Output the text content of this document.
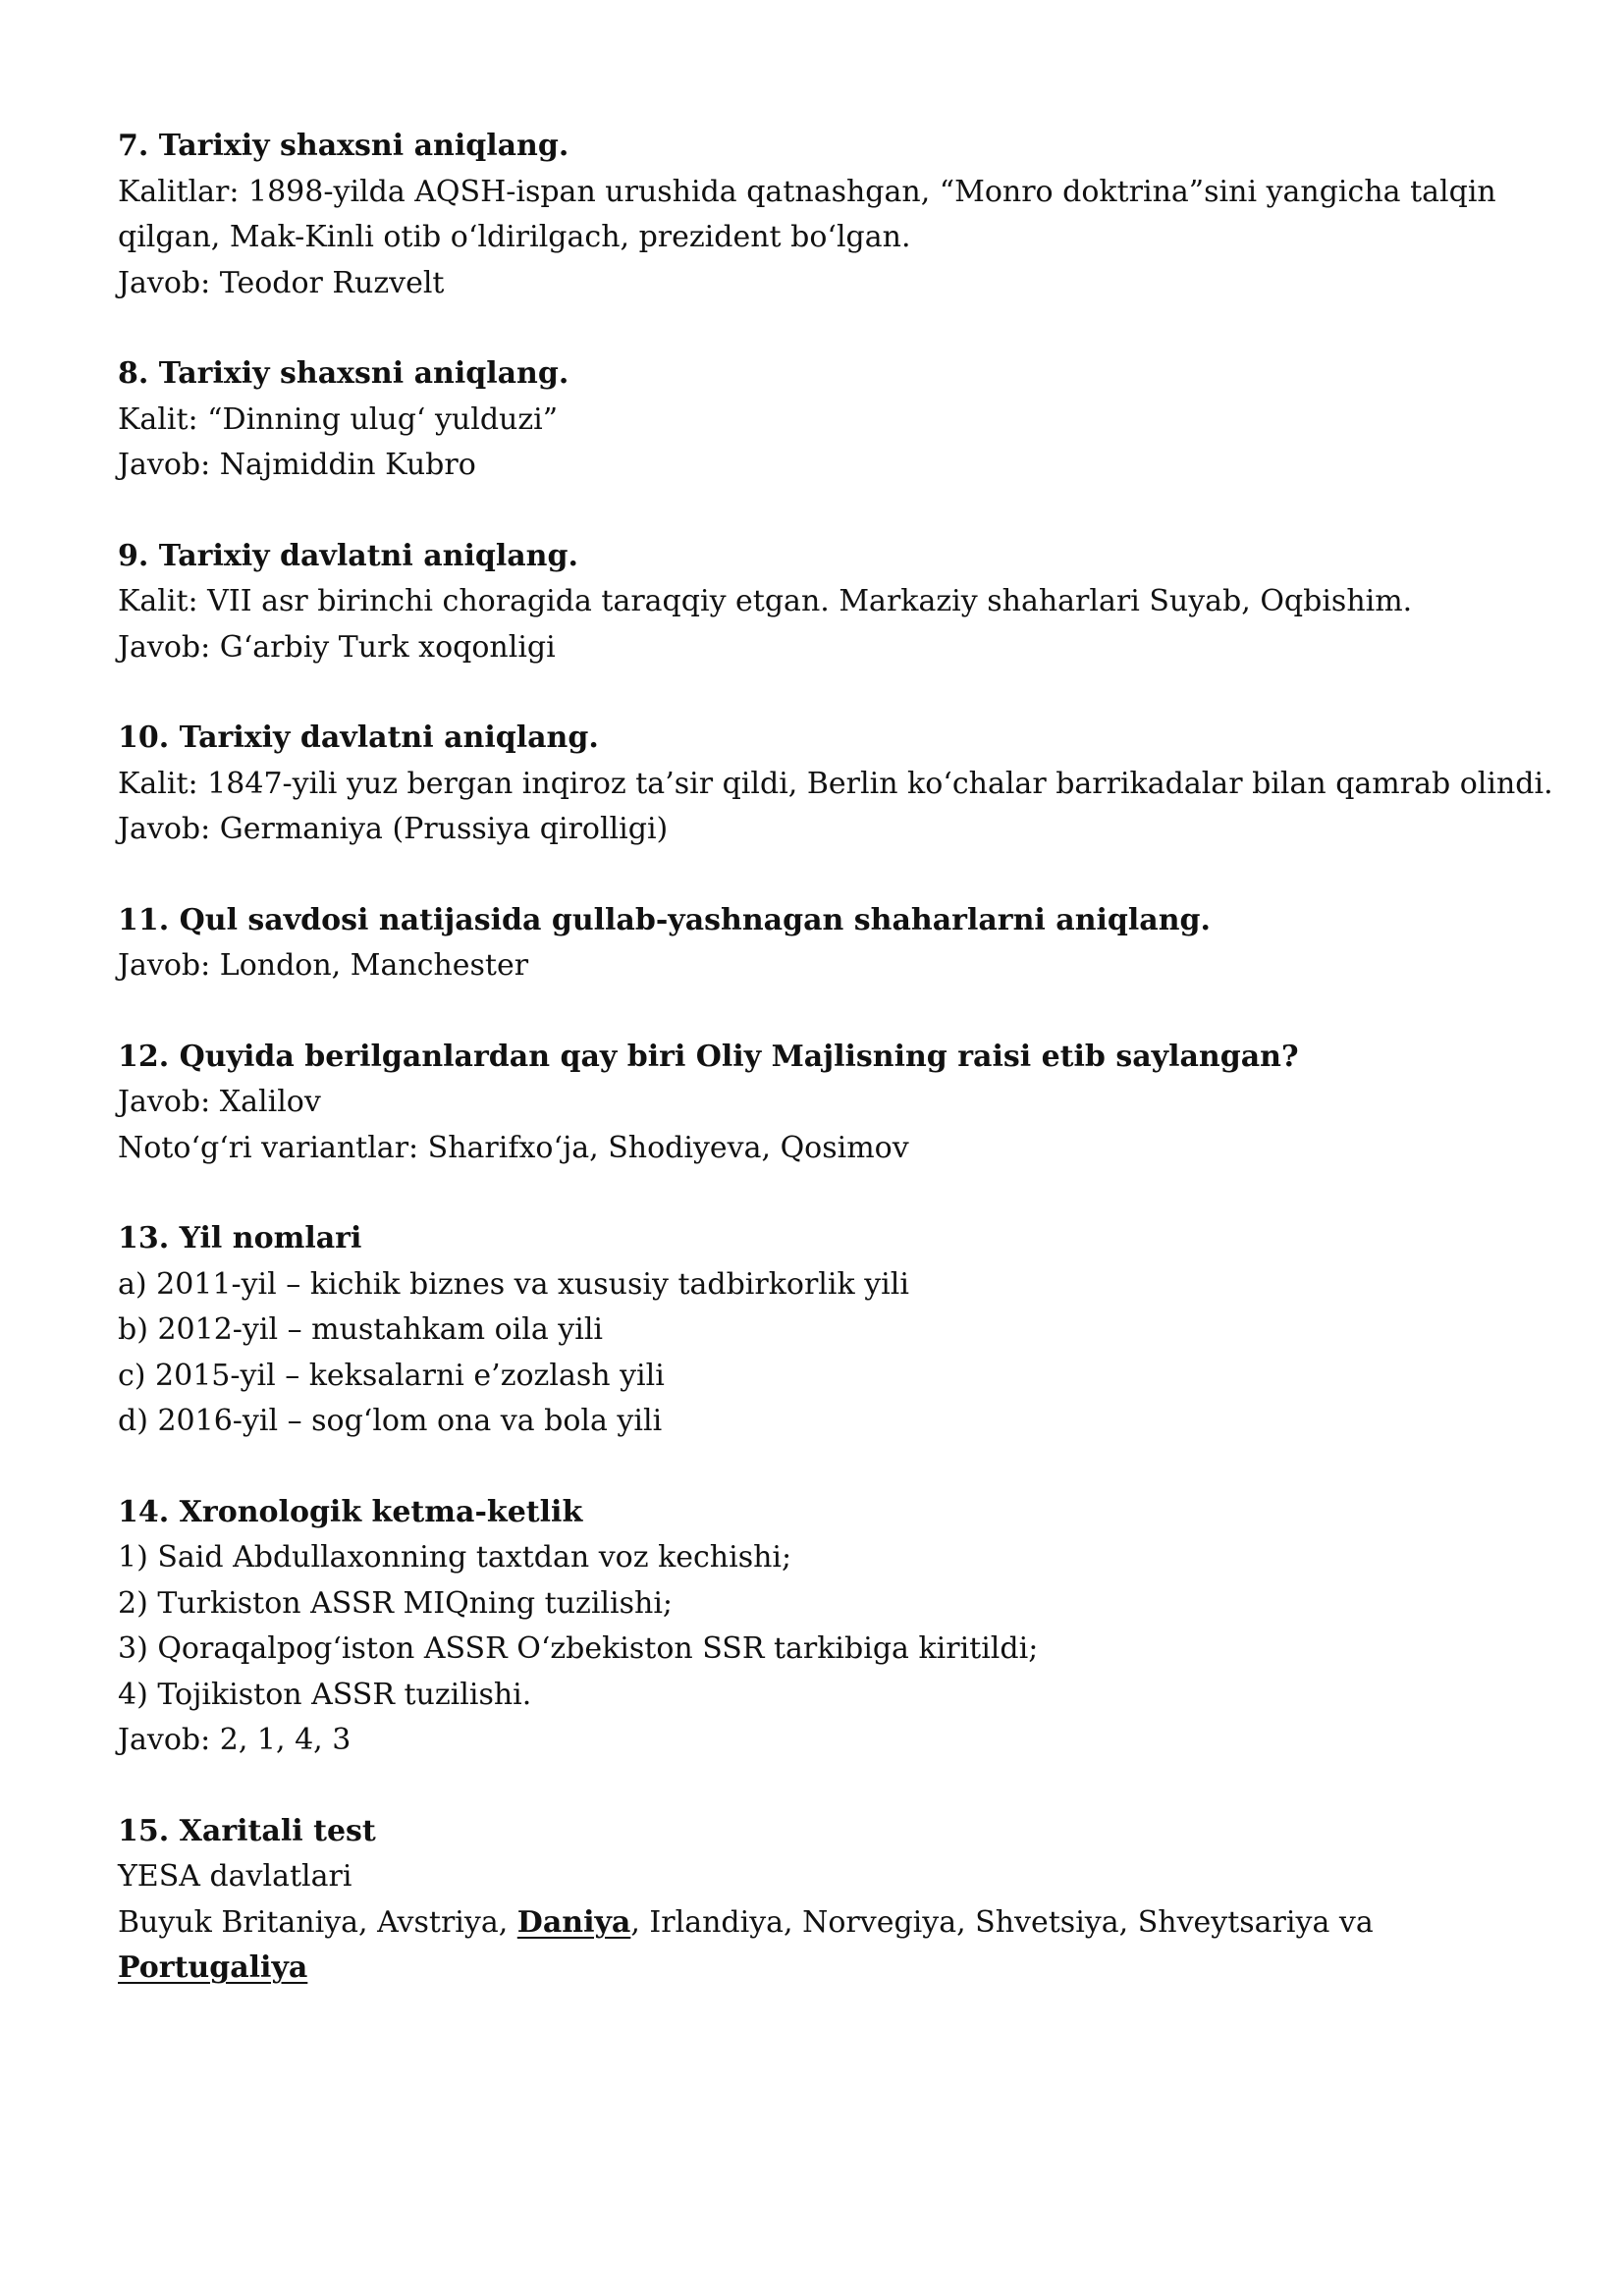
7. Tarixiy shaxsni aniqlang.

Kalitlar: 1898-yilda AQSH-ispan urushida qatnashgan, “Monro doktrina”sini yangicha talqin

qilgan, Mak-Kinli otib o‘ldirilgach, prezident bo‘lgan.

Javob: Teodor Ruzvelt

8. Tarixiy shaxsni aniqlang.

Kalit: “Dinning ulug‘ yulduzi”

Javob: Najmiddin Kubro

9. Tarixiy davlatni aniqlang.

Kalit: VII asr birinchi choragida taraqqiy etgan. Markaziy shaharlari Suyab, Oqbishim.

Javob: G‘arbiy Turk xoqonligi

10. Tarixiy davlatni aniqlang.

Kalit: 1847-yili yuz bergan inqiroz ta’sir qildi, Berlin ko‘chalar barrikadalar bilan qamrab olindi.

Javob: Germaniya (Prussiya qirolligi)

11. Qul savdosi natijasida gullab-yashnagan shaharlarni aniqlang.

Javob: London, Manchester

12. Quyida berilganlardan qay biri Oliy Majlisning raisi etib saylangan?

Javob: Xalilov

Noto‘g‘ri variantlar: Sharifxo‘ja, Shodiyeva, Qosimov

13. Yil nomlari

a) 2011-yil – kichik biznes va xususiy tadbirkorlik yili

b) 2012-yil – mustahkam oila yili

c) 2015-yil – keksalarni e’zozlash yili

d) 2016-yil – sog‘lom ona va bola yili

14. Xronologik ketma-ketlik

1) Said Abdullaxonning taxtdan voz kechishi;

2) Turkiston ASSR MIQning tuzilishi;

3) Qoraqalpog‘iston ASSR O‘zbekiston SSR tarkibiga kiritildi;

4) Tojikiston ASSR tuzilishi.

Javob: 2, 1, 4, 3

15. Xaritali test

YESA davlatlari

Buyuk Britaniya, Avstriya, Daniya, Irlandiya, Norvegiya, Shvetsiya, Shveytsariya va

Portugaliya
